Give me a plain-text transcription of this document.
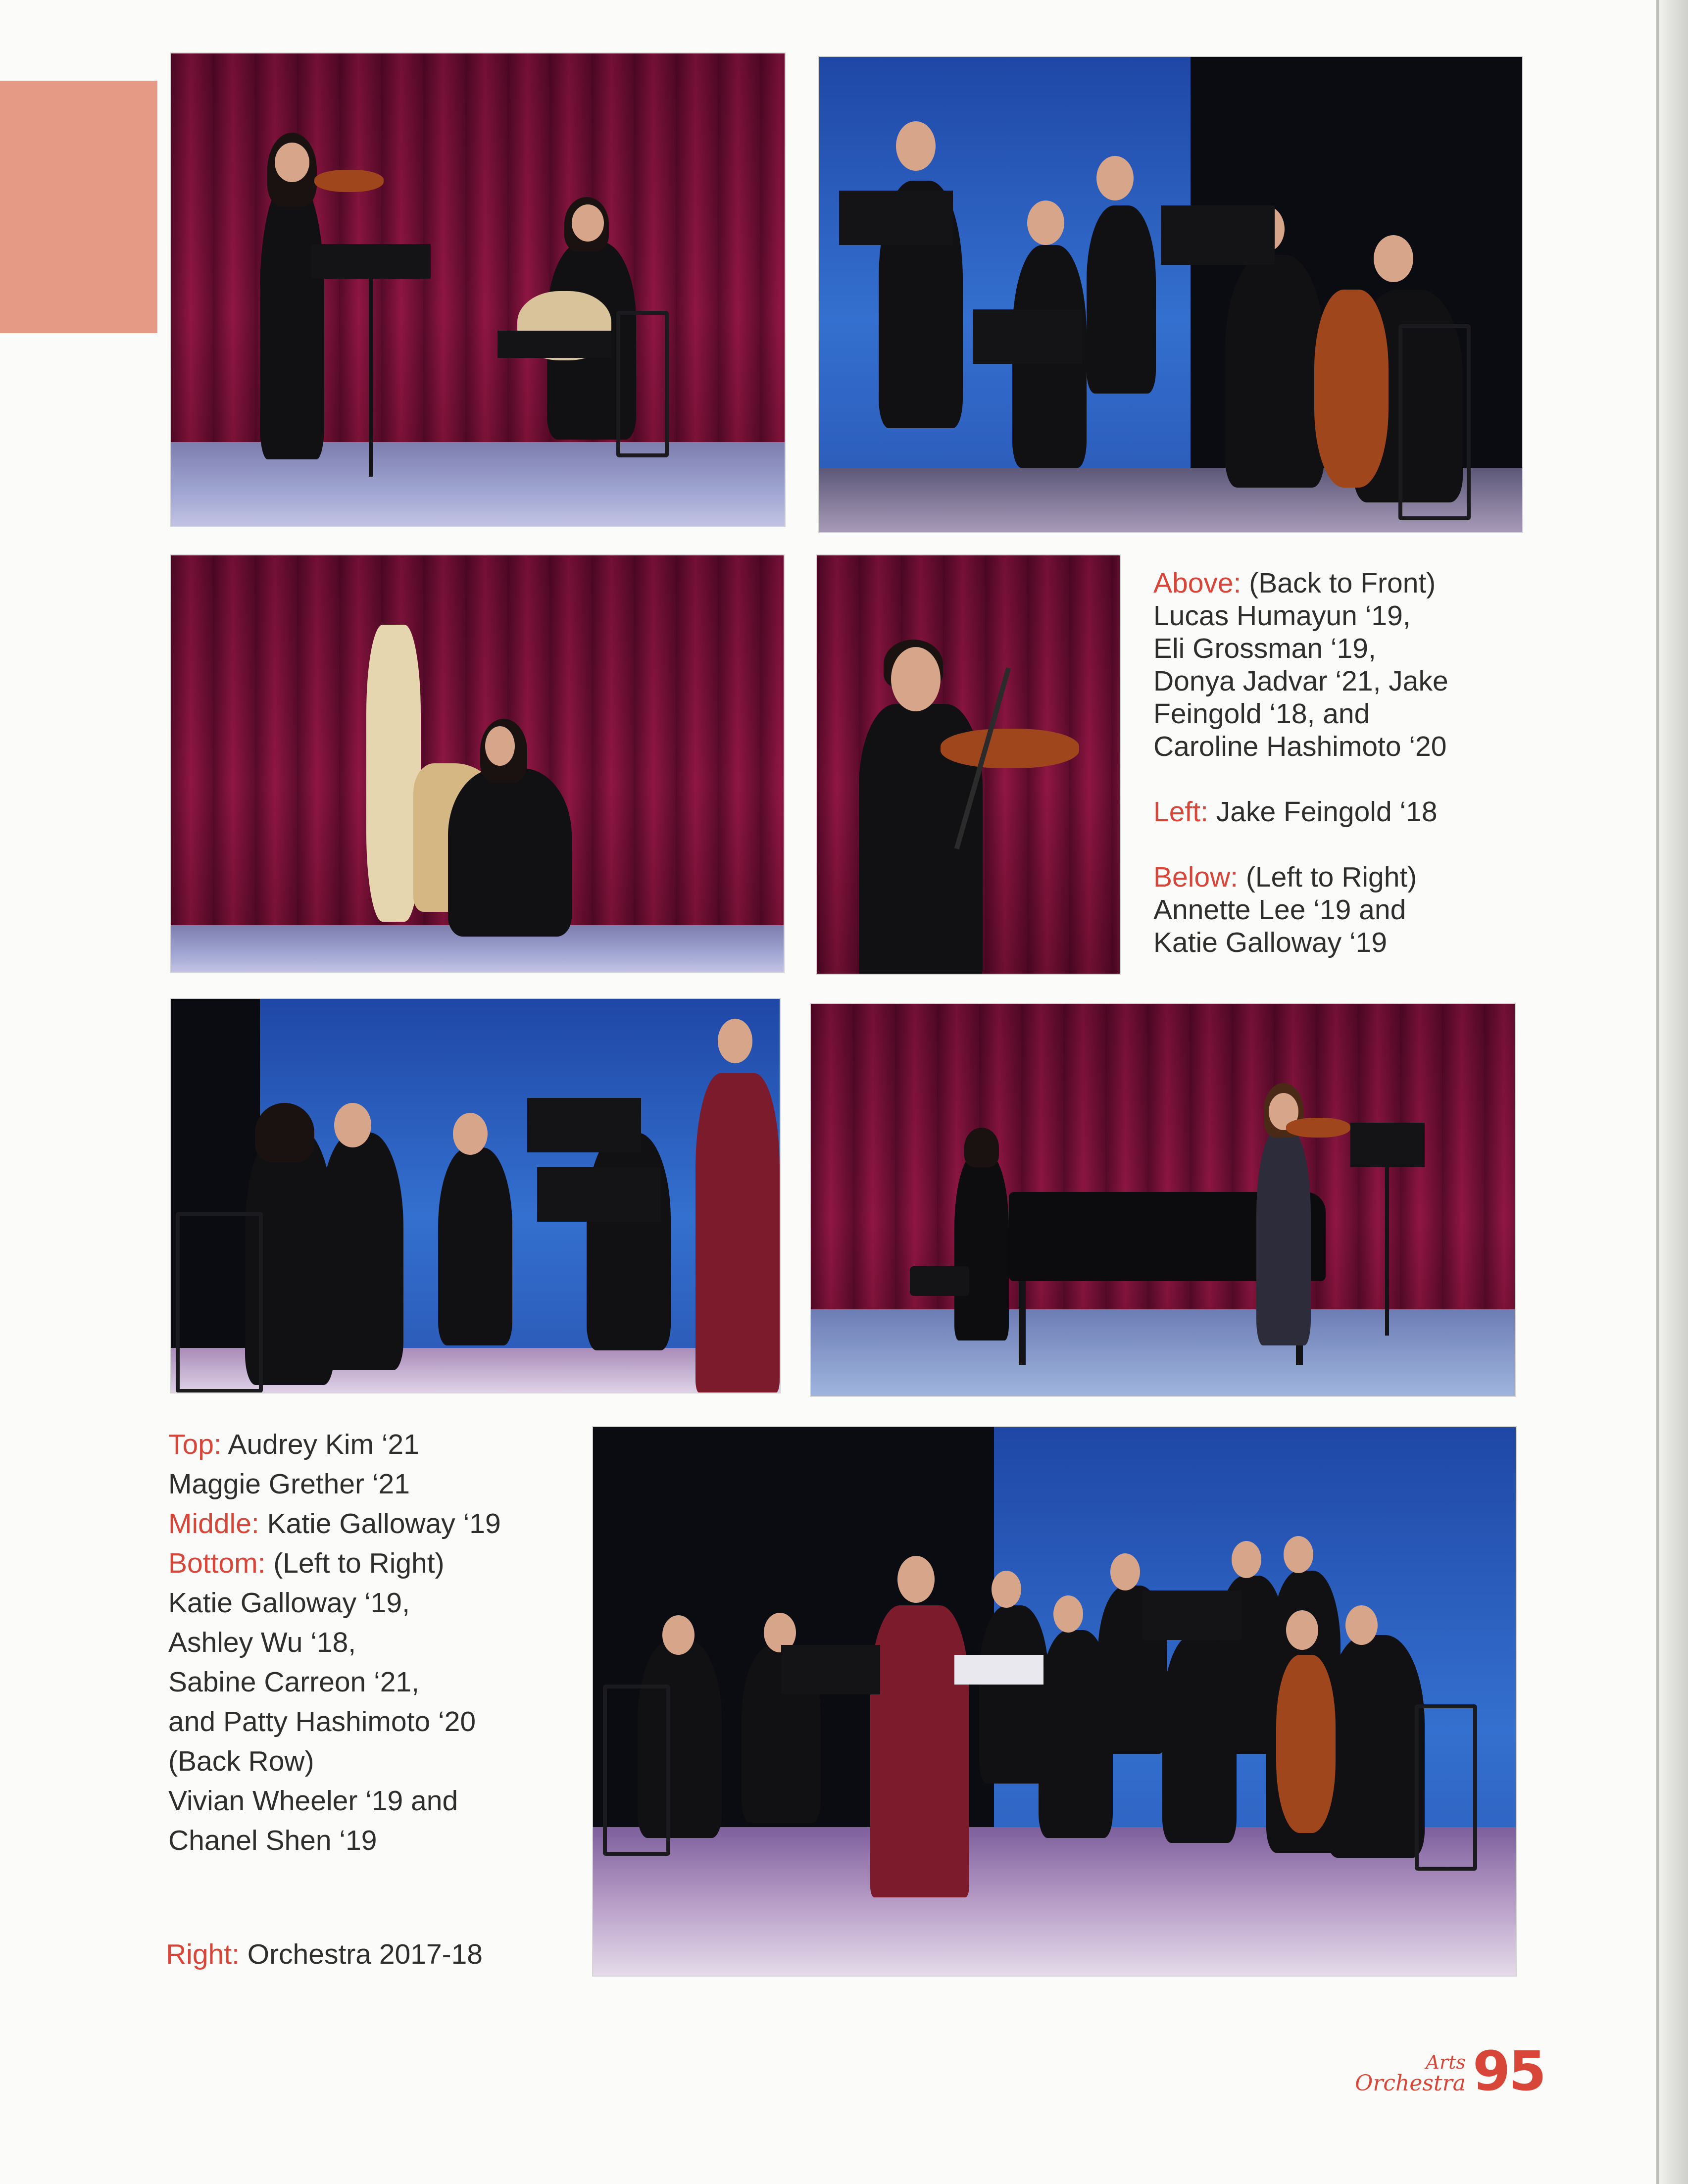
Above: (Back to Front)
Lucas Humayun ‘19,
Eli Grossman ‘19,
Donya Jadvar ‘21, Jake
Feingold ‘18, and
Caroline Hashimoto ‘20

Left: Jake Feingold ‘18

Below: (Left to Right)
Annette Lee ‘19 and
Katie Galloway ‘19
Top: Audrey Kim ‘21
Maggie Grether ‘21
Middle: Katie Galloway ‘19
Bottom: (Left to Right)
Katie Galloway ‘19,
Ashley Wu ‘18,
Sabine Carreon ‘21,
and Patty Hashimoto ‘20
(Back Row)
Vivian Wheeler ‘19 and
Chanel Shen ‘19
Right: Orchestra 2017-18
Arts
Orchestra 95
